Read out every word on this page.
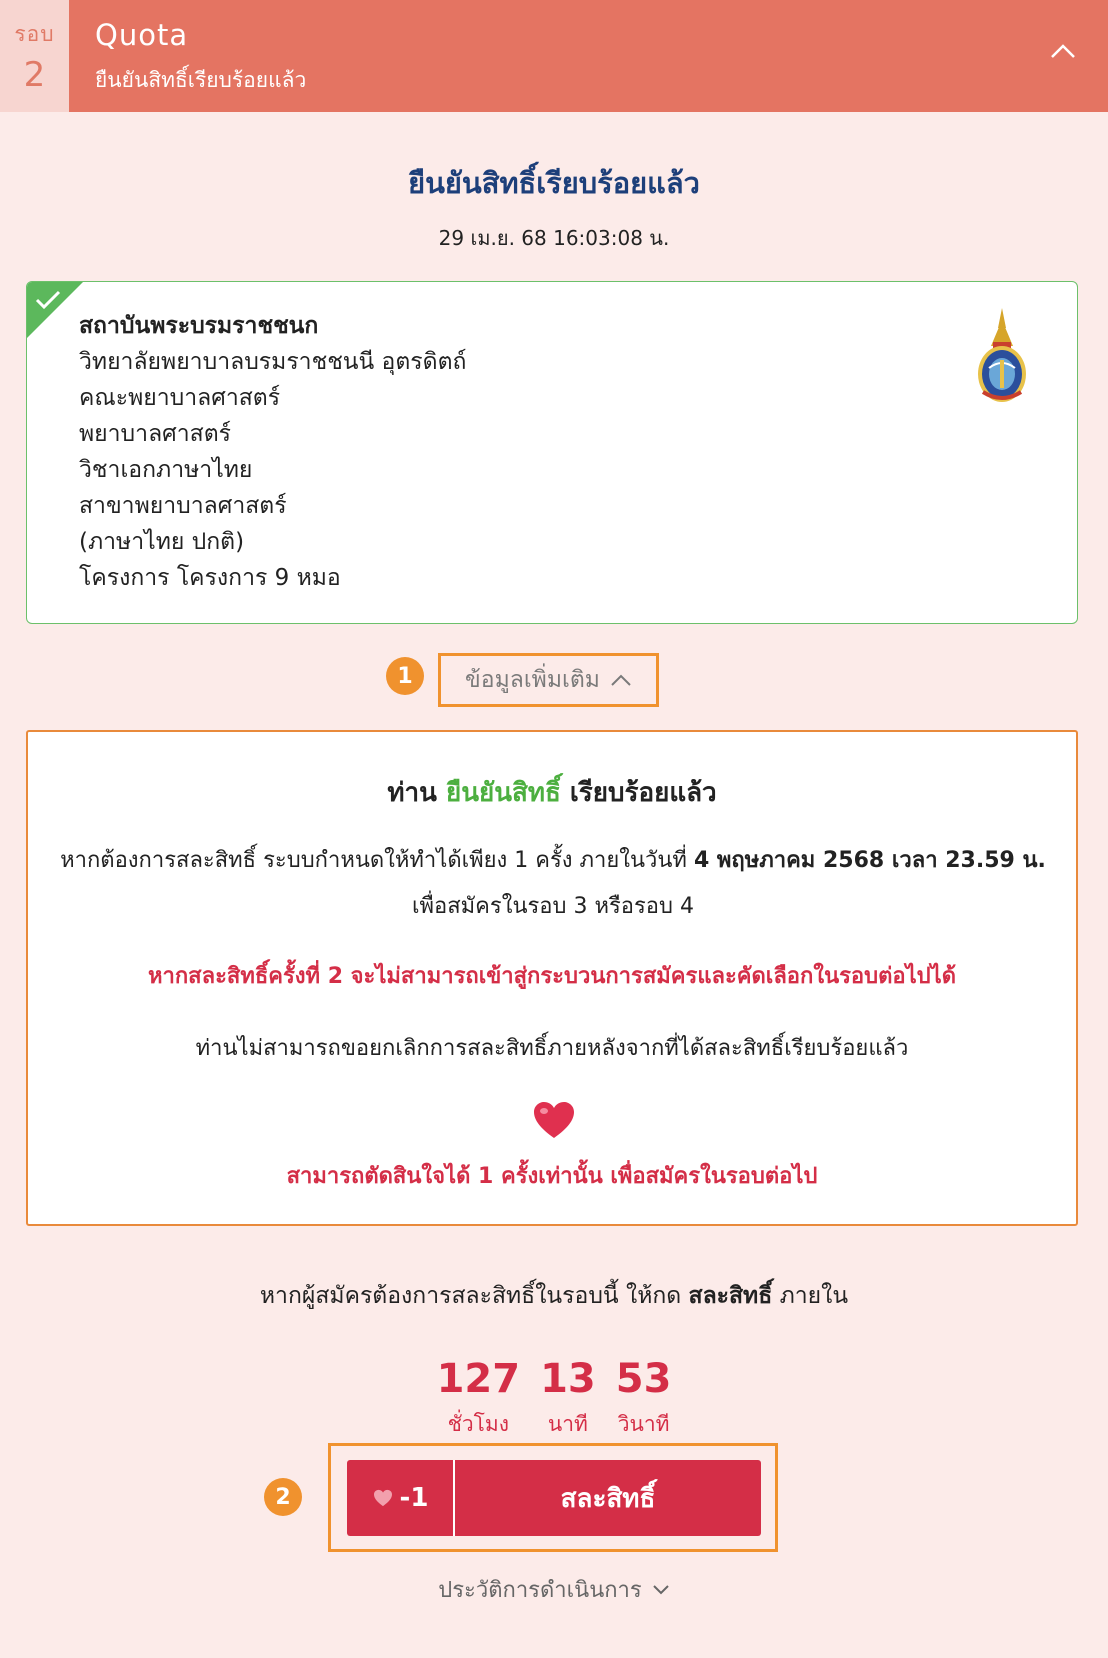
รอบ
2
Quota
ยืนยันสิทธิ์เรียบร้อยแล้ว
ยืนยันสิทธิ์เรียบร้อยแล้ว
29 เม.ย. 68 16:03:08 น.
สถาบันพระบรมราชชนก
วิทยาลัยพยาบาลบรมราชชนนี อุตรดิตถ์
คณะพยาบาลศาสตร์
พยาบาลศาสตร์
วิชาเอกภาษาไทย
สาขาพยาบาลศาสตร์
(ภาษาไทย ปกติ)
โครงการ โครงการ 9 หมอ
1	ข้อมูลเพิ่มเติม
ท่าน ยืนยันสิทธิ์ เรียบร้อยแล้ว
หากต้องการสละสิทธิ์ ระบบกำหนดให้ทำได้เพียง 1 ครั้ง ภายในวันที่ 4 พฤษภาคม 2568 เวลา 23.59 น. เพื่อสมัครในรอบ 3 หรือรอบ 4
หากสละสิทธิ์ครั้งที่ 2 จะไม่สามารถเข้าสู่กระบวนการสมัครและคัดเลือกในรอบต่อไปได้
ท่านไม่สามารถขอยกเลิกการสละสิทธิ์ภายหลังจากที่ได้สละสิทธิ์เรียบร้อยแล้ว
สามารถตัดสินใจได้ 1 ครั้งเท่านั้น เพื่อสมัครในรอบต่อไป
หากผู้สมัครต้องการสละสิทธิ์ในรอบนี้ ให้กด สละสิทธิ์ ภายใน
127
ชั่วโมง
13
นาที
53
วินาที
2	-1	สละสิทธิ์
ประวัติการดำเนินการ
